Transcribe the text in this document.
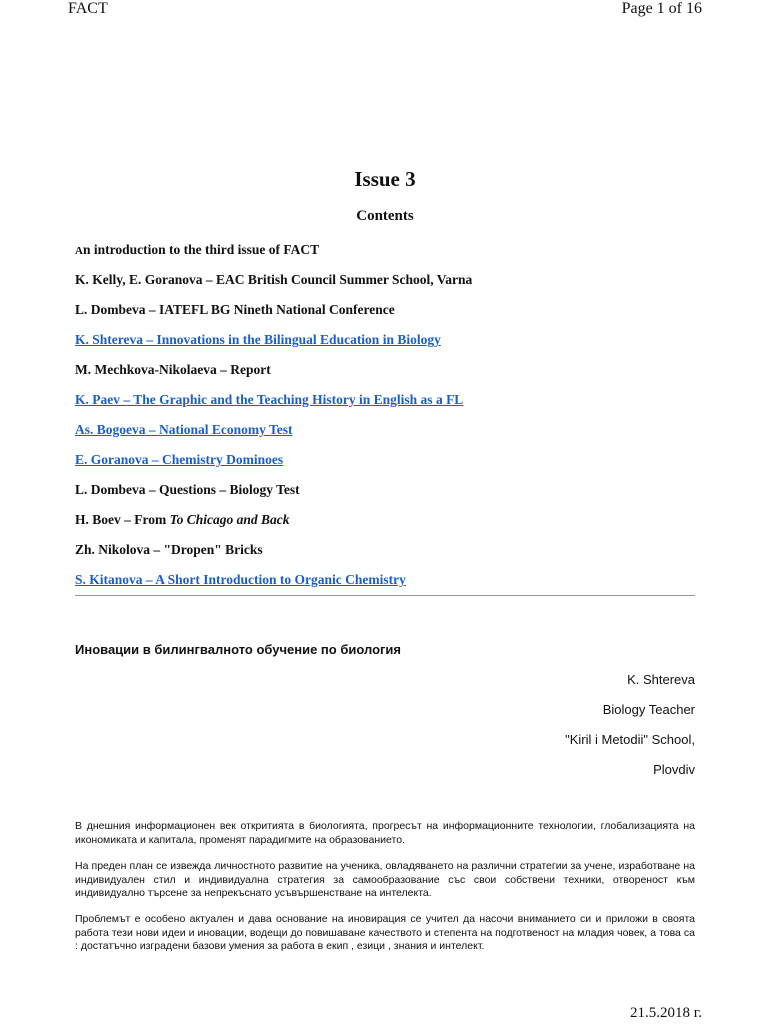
FACT	Page 1 of 16
Issue 3
Contents
An introduction to the third issue of FACT
K. Kelly, E. Goranova – EAC British Council Summer School, Varna
L. Dombeva – IATEFL BG Nineth National Conference
K. Shtereva – Innovations in the Bilingual Education in Biology
M. Mechkova-Nikolaeva – Report
K. Paev – The Graphic and the Teaching History in English as a FL
As. Bogoeva – National Economy Test
E. Goranova – Chemistry Dominoes
L. Dombeva – Questions – Biology Test
H. Boev – From To Chicago and Back
Zh. Nikolova – "Dropen" Bricks
S. Kitanova – A Short Introduction to Organic Chemistry
Иновации в билингвалното обучение по биология
K. Shtereva
Biology Teacher
"Kiril i Metodii" School,
Plovdiv
В днешния информационен век откритията в биологията, прогресът на информационните технологии, глобализацията на икономиката и капитала, променят парадигмите на образованието.
На преден план се извежда личностното развитие на ученика, овладяването на различни стратегии за учене, изработване на индивидуален стил и индивидуална стратегия за самообразование със свои собствени техники, отвореност към индивидуално търсене за непрекъснато усъвършенстване на интелекта.
Проблемът е особено актуален и дава основание на иновирация се учител да насочи вниманието си и приложи в своята работа тези нови идеи и иновации, водещи до повишаване качеството и степента на подготвеност на младия човек, а това са : достатъчно изградени базови умения за работа в екип , езици , знания и интелект.
21.5.2018 г.
